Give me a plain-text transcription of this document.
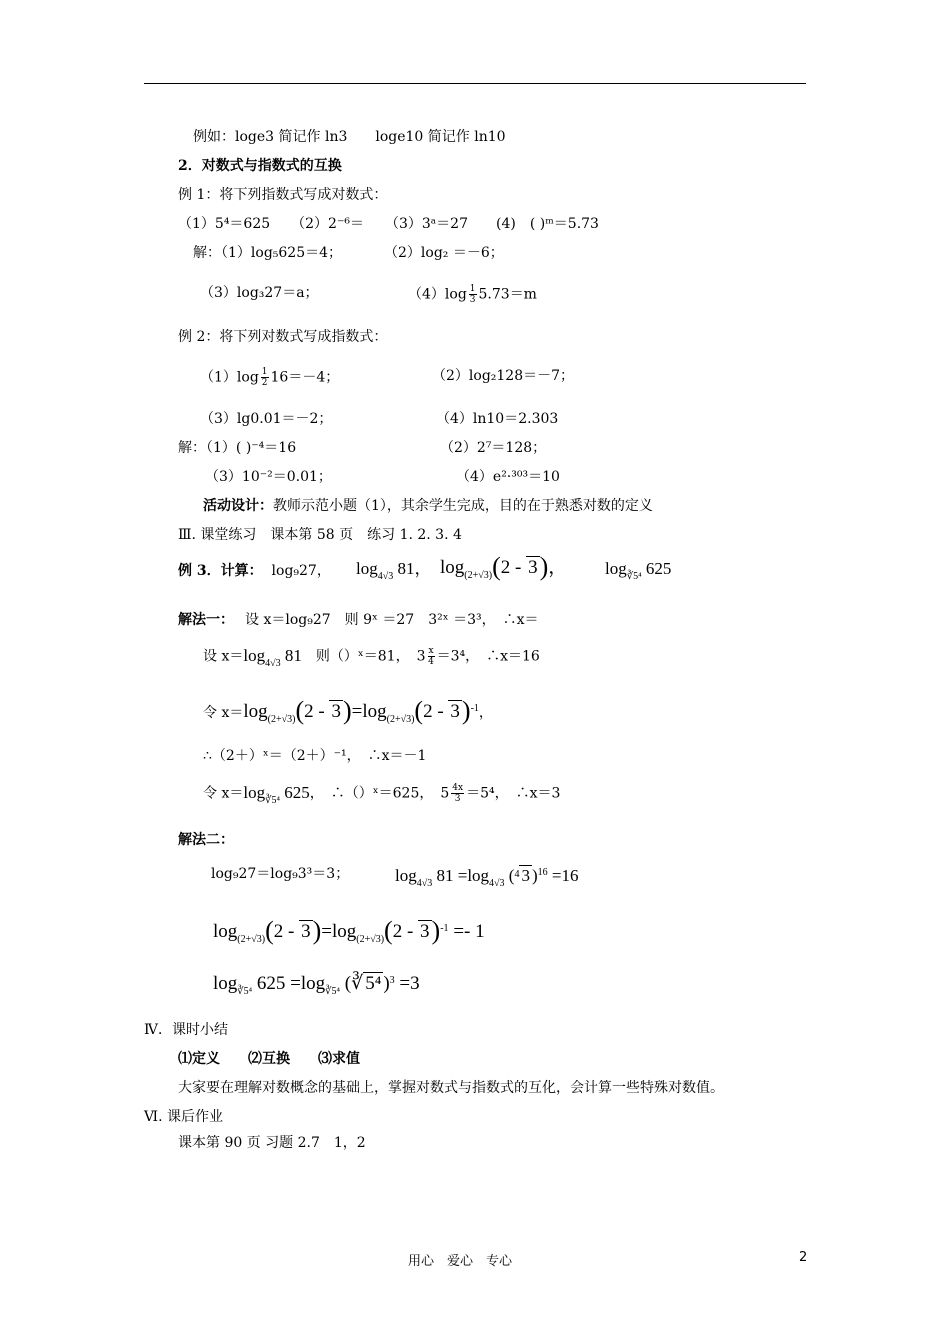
例如：loge3 简记作 ln3　　loge10 简记作 ln10
2．对数式与指数式的互换
例 1：将下列指数式写成对数式：
（1）5⁴＝625　　（2）2⁻⁶＝　　（3）3ᵃ＝27　　(4)　( )ᵐ＝5.73
解：（1）log₅625＝4；　　　　（2）log₂ ＝－6；
（3）log₃27＝a；	$(4)\log \frac{1}{3} 5.73=m$
例 2：将下列对数式写成指数式：
$(1)\log \frac{1}{2} 16=-4$；	（2）log₂128＝－7；
（3）lg0.01＝－2；	（4）ln10＝2.303
解：（1）( )⁻⁴＝16	（2）2⁷＝128；
（3）10⁻²＝0.01；	（4）e²·³⁰³＝10
活动设计：教师示范小题（1），其余学生完成，目的在于熟悉对数的定义
Ⅲ. 课堂练习　课本第 58 页　练习 1. 2. 3. 4
例 3．计算： log₉27， $\log_{4√3} 81$， $\log_{(2+√3)}(2 - 3)$， $\log_{∛5^4} 625$
解法一： 设 x＝log₉27　则 9ˣ ＝27　3²ˣ ＝3³，　∴x＝
设 $x=\log_{4√3}$ 81　 则（）ˣ＝81，　$3 \frac{x}{4} =3^4$，　∴x＝16
令 $x=\log_{(2+√3)}(2 - 3)=\log_{(2+√3)}(2 - 3)^{-1}$，
∴（2＋）ˣ＝（2＋）⁻¹，　∴x＝－1
令 $x=\log_{∛5^4}$ 625，　∴（）ˣ＝625，　$5 \frac{4x}{3} =5^4$，　∴x＝3
解法二：
log₉27＝log₉3³＝3；	$\log_{4√3} 81 =\log_{4√3}$ ($^4$ 3 )$^{16}$ =16
$\log_{(2+√3)}(2 - 3)=\log_{(2+√3)}(2 - 3)^{-1} =- 1$
$\log_{∛5^4} 625 =\log_{∛5^4}$ (∛ 5⁴ )$^3$ =3
Ⅳ．课时小结
⑴定义　　⑵互换　　⑶求值
大家要在理解对数概念的基础上，掌握对数式与指数式的互化，会计算一些特殊对数值。
Ⅵ. 课后作业
课本第 90 页 习题 2.7　1，2
用心　爱心　专心	2
